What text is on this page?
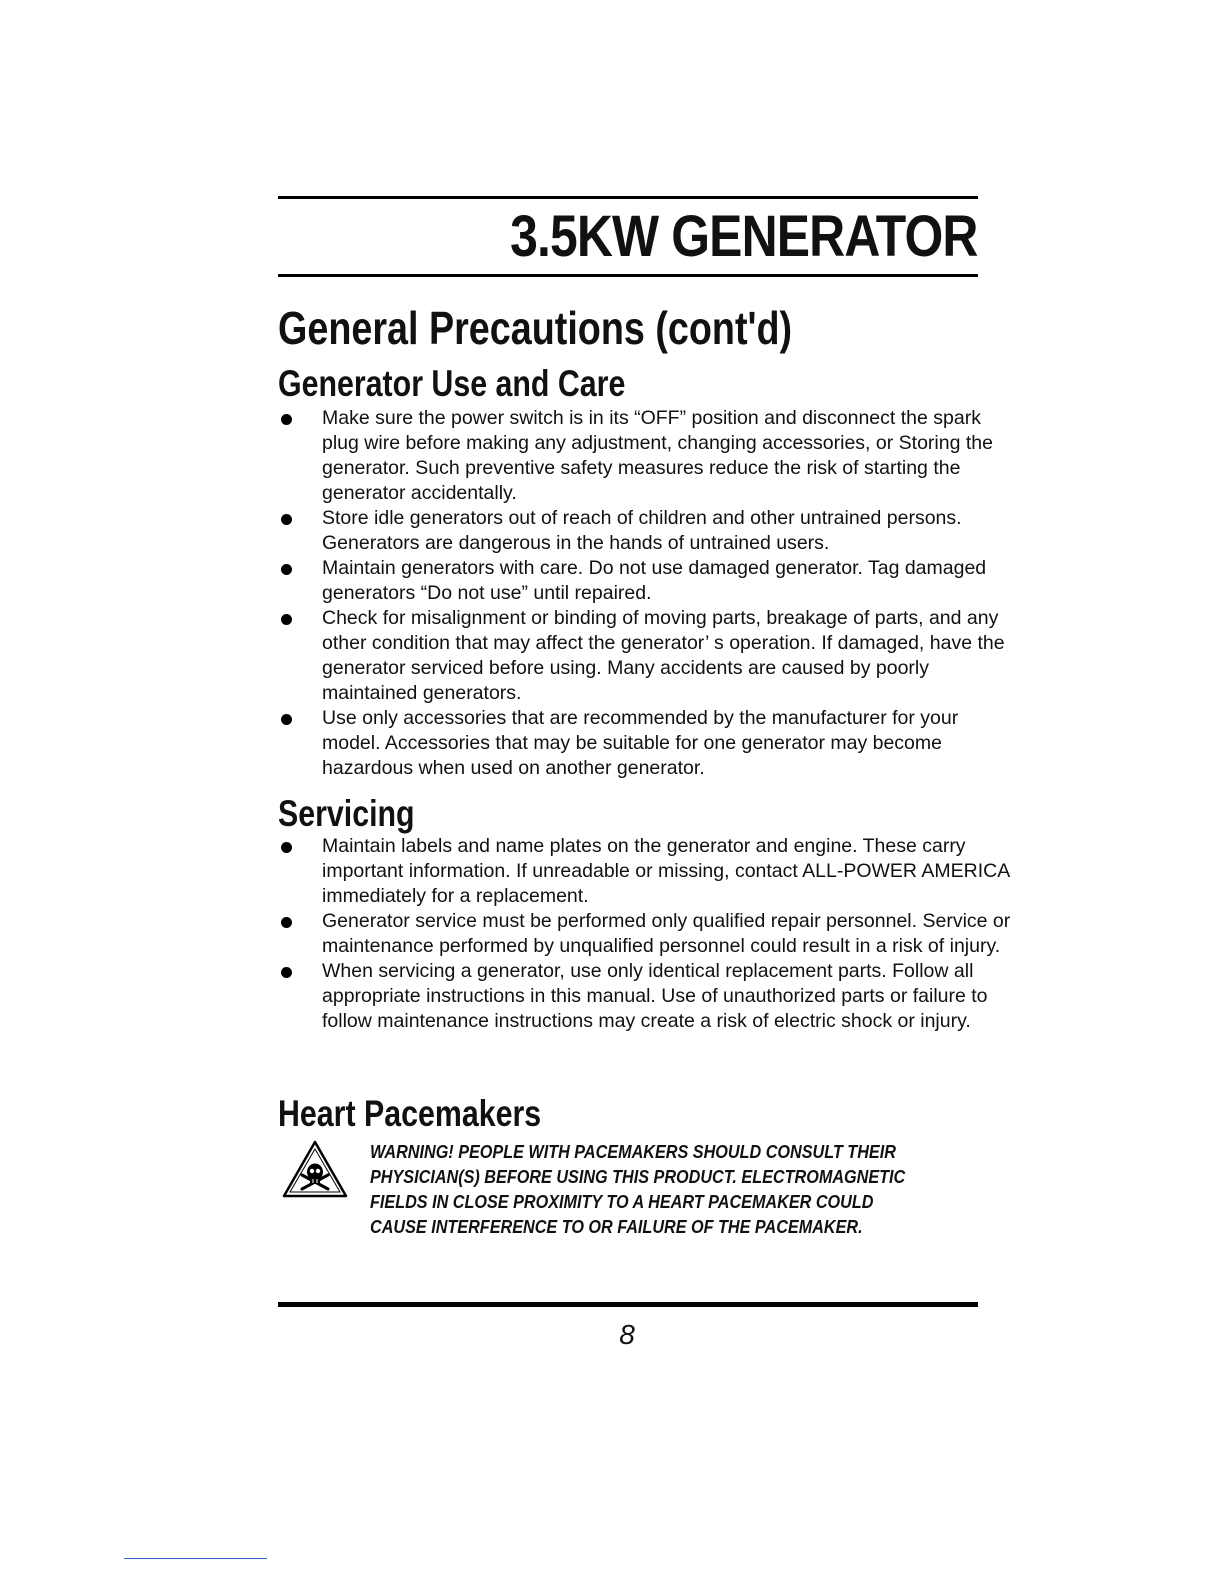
3.5KW GENERATOR
General Precautions (cont'd)
Generator Use and Care
Make sure the power switch is in its “OFF” position and disconnect the spark plug wire before making any adjustment, changing accessories, or Storing the generator. Such preventive safety measures reduce the risk of starting the generator accidentally.
Store idle generators out of reach of children and other untrained persons. Generators are dangerous in the hands of untrained users.
Maintain generators with care. Do not use damaged generator. Tag damaged generators “Do not use” until repaired.
Check for misalignment or binding of moving parts, breakage of parts, and any other condition that may affect the generator’ s operation. If damaged, have the generator serviced before using. Many accidents are caused by poorly maintained generators.
Use only accessories that are recommended by the manufacturer for your model. Accessories that may be suitable for one generator may become hazardous when used on another generator.
Servicing
Maintain labels and name plates on the generator and engine. These carry important information. If unreadable or missing, contact ALL-POWER AMERICA immediately for a replacement.
Generator service must be performed only qualified repair personnel. Service or maintenance performed by unqualified personnel could result in a risk of injury.
When servicing a generator, use only identical replacement parts. Follow all appropriate instructions in this manual. Use of unauthorized parts or failure to follow maintenance instructions may create a risk of electric shock or injury.
Heart Pacemakers

WARNING! PEOPLE WITH PACEMAKERS SHOULD CONSULT THEIR PHYSICIAN(S) BEFORE USING THIS PRODUCT. ELECTROMAGNETIC FIELDS IN CLOSE PROXIMITY TO A HEART PACEMAKER COULD CAUSE INTERFERENCE TO OR FAILURE OF THE PACEMAKER.

8
